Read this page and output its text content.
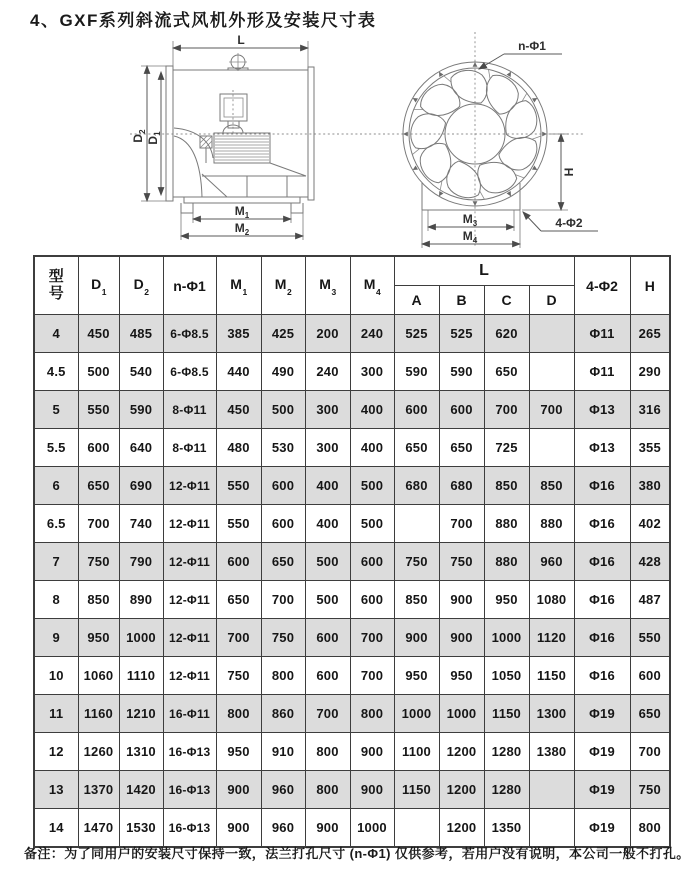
4、GXF系列斜流式风机外形及安装尺寸表
L
$D_2$
$D_1$
$M_1$
$M_2$
n-Φ1
H
$M_3$
$M_4$
4-Φ2
型
号	$D_1$	$D_2$	n-Φ1	$M_1$	$M_2$	$M_3$	$M_4$	L				4-Φ2	H
								A	B	C	D		
4	450	485	6-Φ8.5	385	425	200	240	525	525	620		Φ11	265
4.5	500	540	6-Φ8.5	440	490	240	300	590	590	650		Φ11	290
5	550	590	8-Φ11	450	500	300	400	600	600	700	700	Φ13	316
5.5	600	640	8-Φ11	480	530	300	400	650	650	725		Φ13	355
6	650	690	12-Φ11	550	600	400	500	680	680	850	850	Φ16	380
6.5	700	740	12-Φ11	550	600	400	500		700	880	880	Φ16	402
7	750	790	12-Φ11	600	650	500	600	750	750	880	960	Φ16	428
8	850	890	12-Φ11	650	700	500	600	850	900	950	1080	Φ16	487
9	950	1000	12-Φ11	700	750	600	700	900	900	1000	1120	Φ16	550
10	1060	1110	12-Φ11	750	800	600	700	950	950	1050	1150	Φ16	600
11	1160	1210	16-Φ11	800	860	700	800	1000	1000	1150	1300	Φ19	650
12	1260	1310	16-Φ13	950	910	800	900	1100	1200	1280	1380	Φ19	700
13	1370	1420	16-Φ13	900	960	800	900	1150	1200	1280		Φ19	750
14	1470	1530	16-Φ13	900	960	900	1000		1200	1350		Φ19	800

备注：为了同用户的安装尺寸保持一致，法兰打孔尺寸 (n-Φ1) 仅供参考，若用户没有说明，本公司一般不打孔。
